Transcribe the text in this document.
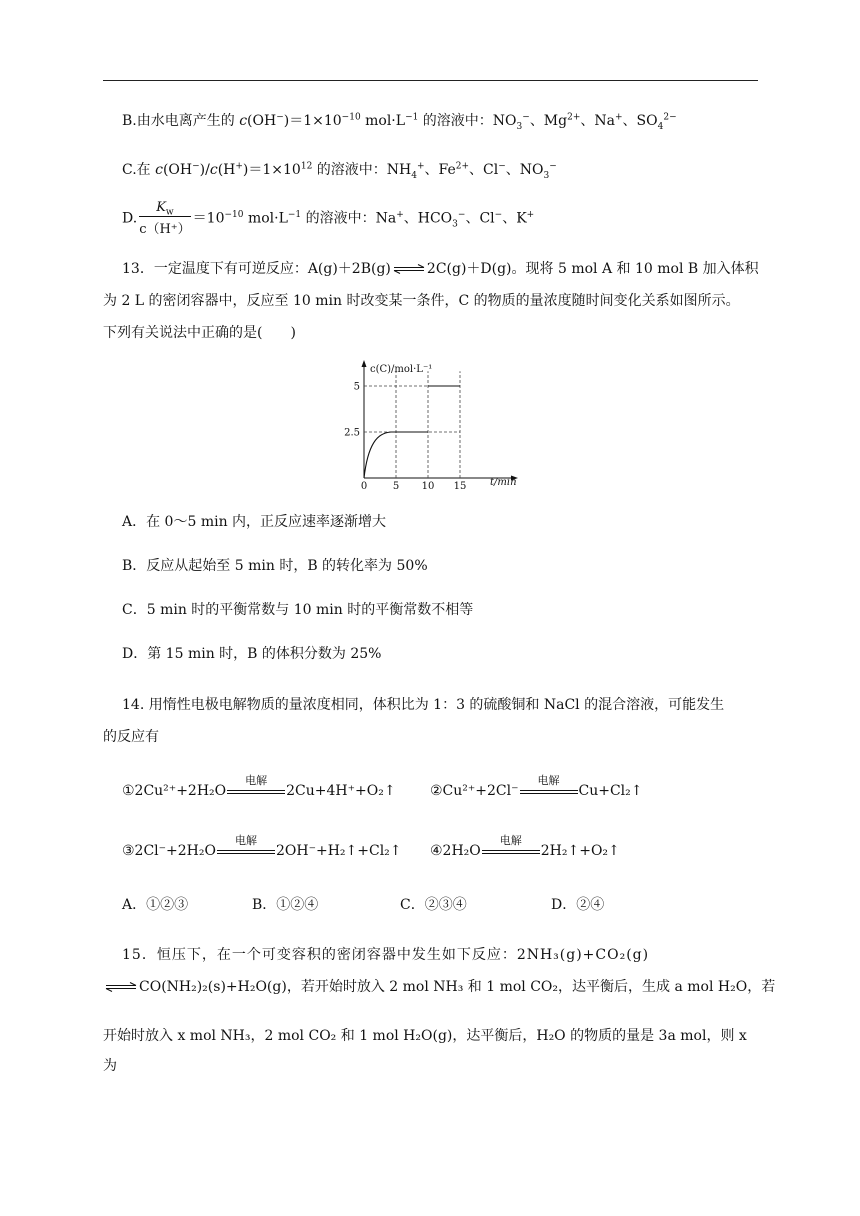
B.由水电离产生的 $c(OH^-)=1\times 10^{-10}$ $mol\cdot L^{-1}$ 的溶液中：$NO_3^-$、$Mg^{2+}$、Na+、$SO_4^{2-}$
C.在 $c(OH^-)/c(H^+)=1\times 10^{12}$ 的溶液中：$NH_4^+$、$Fe^{2+}$、Cl−、$NO_3^-$
D. $\frac{K_w}{c(H^+)} =10^{-10}$ $mol\cdot L^{-1}$ 的溶液中：Na+、$HCO_3^-$、Cl−、K+
13．一定温度下有可逆反应：A(g)＋2B(g) ⇌ 2C(g)＋D(g)。现将 5 mol A 和 10 mol B 加入体积
为 2 L 的密闭容器中，反应至 10 min 时改变某一条件，C 的物质的量浓度随时间变化关系如图所示。
下列有关说法中正确的是(　　)
0	5 10 15
2.5
5
c(C)/mol·L⁻¹
t/min
A．在 0～5 min 内，正反应速率逐渐增大
B．反应从起始至 5 min 时，B 的转化率为 50%
C．5 min 时的平衡常数与 10 min 时的平衡常数不相等
D．第 15 min 时，B 的体积分数为 25%
14. 用惰性电极电解物质的量浓度相同，体积比为 1：3 的硫酸铜和 NaCl 的混合溶液，可能发生
的反应有
①2Cu²⁺+2H₂O
电解
2Cu+4H⁺+O₂↑ ②Cu²⁺+2Cl⁻
电解
Cu+Cl₂↑
③2Cl⁻+2H₂O
电解
2OH⁻+H₂↑+Cl₂↑ ④2H₂O
电解
2H₂↑+O₂↑
A．①②③	B．①②④	C．②③④	D．②④
15．恒压下，在一个可变容积的密闭容器中发生如下反应：2NH₃(g)+CO₂(g)
⇌ CO(NH₂)₂(s)+H₂O(g)，若开始时放入 2 mol NH₃ 和 1 mol CO₂，达平衡后，生成 a mol H₂O，若
开始时放入 x mol NH₃，2 mol CO₂ 和 1 mol H₂O(g)，达平衡后，H₂O 的物质的量是 3a mol，则 x
为
